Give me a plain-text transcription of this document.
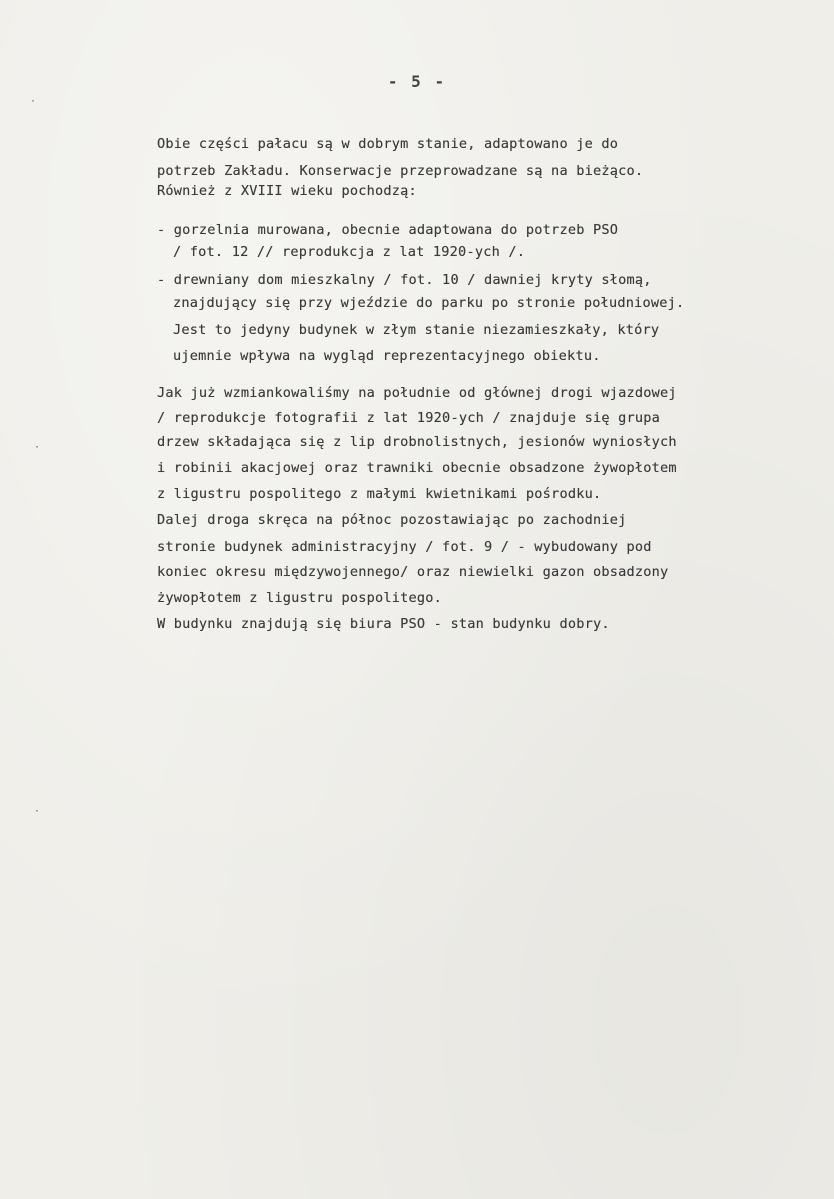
·
·
·
- 5 -
Obie części pałacu są w dobrym stanie, adaptowano je do
potrzeb Zakładu. Konserwacje przeprowadzane są na bieżąco.
Również z XVIII wieku pochodzą:
- gorzelnia murowana, obecnie adaptowana do potrzeb PSO
/ fot. 12 // reprodukcja z lat 1920-ych /.
- drewniany dom mieszkalny / fot. 10 / dawniej kryty słomą,
znajdujący się przy wjeździe do parku po stronie południowej.
Jest to jedyny budynek w złym stanie niezamieszkały, który
ujemnie wpływa na wygląd reprezentacyjnego obiektu.
Jak już wzmiankowaliśmy na południe od głównej drogi wjazdowej
/ reprodukcje fotografii z lat 1920-ych / znajduje się grupa
drzew składająca się z lip drobnolistnych, jesionów wyniosłych
i robinii akacjowej oraz trawniki obecnie obsadzone żywopłotem
z ligustru pospolitego z małymi kwietnikami pośrodku.
Dalej droga skręca na północ pozostawiając po zachodniej
stronie budynek administracyjny / fot. 9 / - wybudowany pod
koniec okresu międzywojennego/ oraz niewielki gazon obsadzony
żywopłotem z ligustru pospolitego.
W budynku znajdują się biura PSO - stan budynku dobry.
